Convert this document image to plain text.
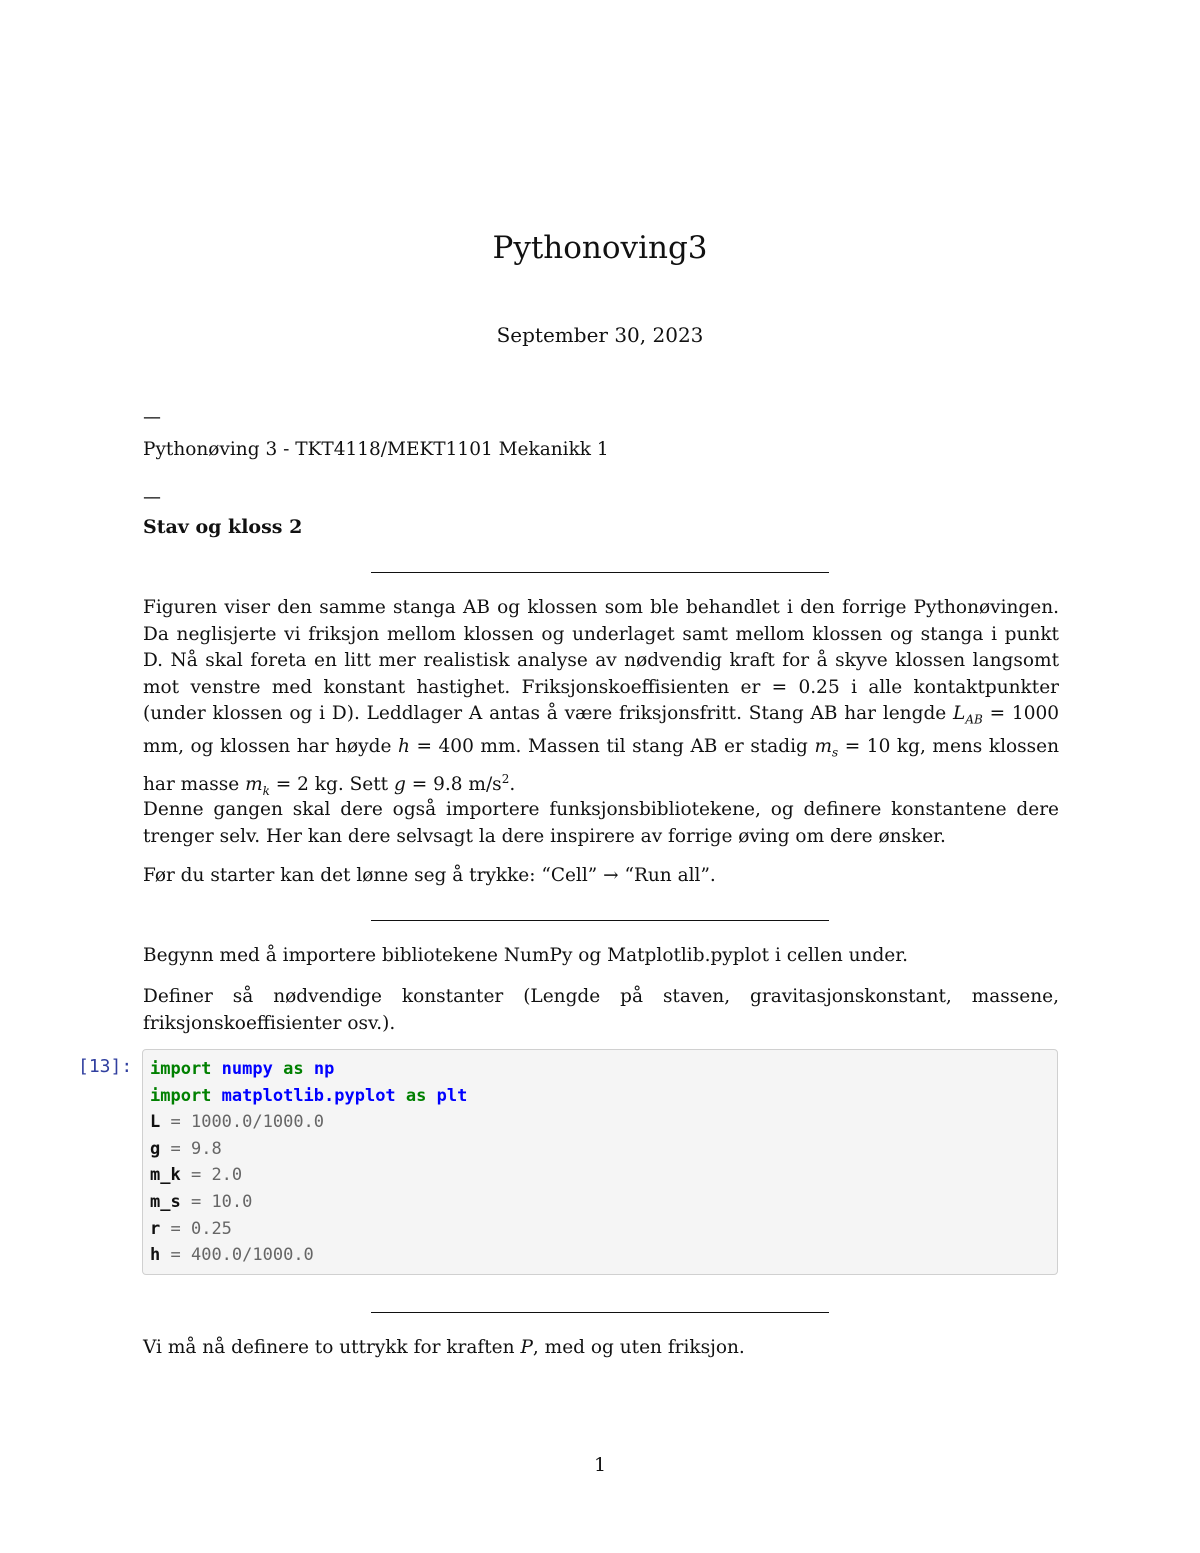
Pythonoving3
September 30, 2023
––
Pythonøving 3 - TKT4118/MEKT1101 Mekanikk 1
––
Stav og kloss 2

Figuren viser den samme stanga AB og klossen som ble behandlet i den forrige Pythonøvingen. Da neglisjerte vi friksjon mellom klossen og underlaget samt mellom klossen og stanga i punkt D. Nå skal foreta en litt mer realistisk analyse av nødvendig kraft for å skyve klossen langsomt mot venstre med konstant hastighet. Friksjonskoeffisienten er = 0.25 i alle kontaktpunkter (under klossen og i D). Leddlager A antas å være friksjonsfritt. Stang AB har lengde $L_{AB} = 1000$ mm, og klossen har høyde h = 400 mm. Massen til stang AB er stadig $m_s = 10$ kg, mens klossen har masse $m_k = 2$ kg. Sett g = 9.8 $m/s^2$.

Denne gangen skal dere også importere funksjonsbibliotekene, og definere konstantene dere trenger selv. Her kan dere selvsagt la dere inspirere av forrige øving om dere ønsker.

Før du starter kan det lønne seg å trykke: “Cell” → “Run all”.

Begynn med å importere bibliotekene NumPy og Matplotlib.pyplot i cellen under.

Definer så nødvendige konstanter (Lengde på staven, gravitasjonskonstant, massene, friksjonskoeffisienter osv.).

[13]: import numpy as np
import matplotlib.pyplot as plt
L = 1000.0/1000.0
g = 9.8
m_k = 2.0
m_s = 10.0
r = 0.25
h = 400.0/1000.0

Vi må nå definere to uttrykk for kraften P, med og uten friksjon.

1
